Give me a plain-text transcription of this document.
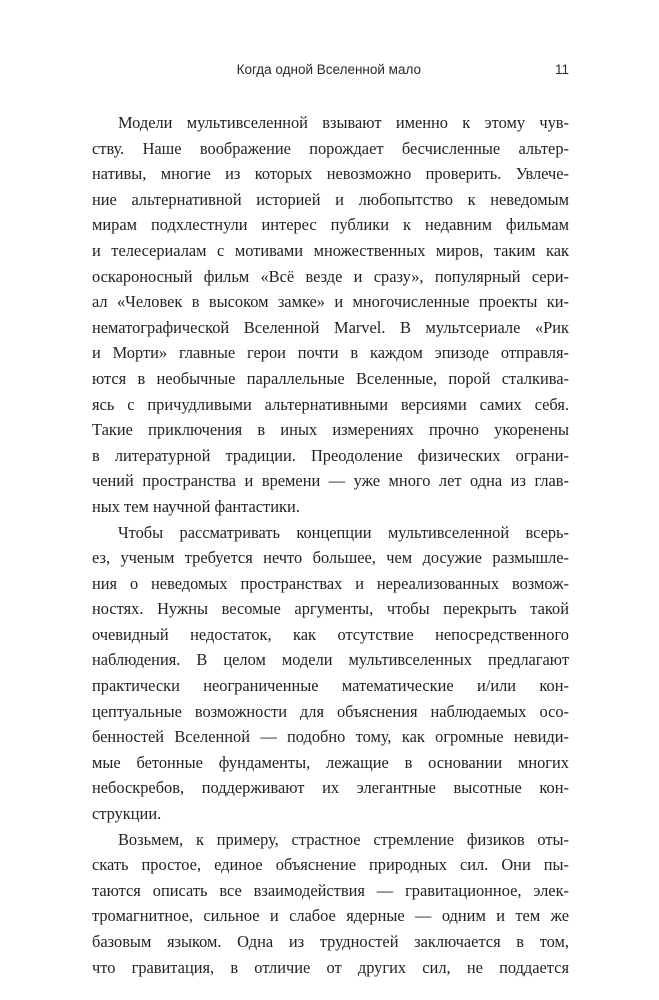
Когда одной Вселенной мало	11
Модели мультивселенной взывают именно к этому чув-
ству. Наше воображение порождает бесчисленные альтер-
нативы, многие из которых невозможно проверить. Увлече-
ние альтернативной историей и любопытство к неведомым
мирам подхлестнули интерес публики к недавним фильмам
и телесериалам с мотивами множественных миров, таким как
оскароносный фильм «Всё везде и сразу», популярный сери-
ал «Человек в высоком замке» и многочисленные проекты ки-
нематографической Вселенной Marvel. В мультсериале «Рик
и Морти» главные герои почти в каждом эпизоде отправля-
ются в необычные параллельные Вселенные, порой сталкива-
ясь с причудливыми альтернативными версиями самих себя.
Такие приключения в иных измерениях прочно укоренены
в литературной традиции. Преодоление физических ограни-
чений пространства и времени — уже много лет одна из глав-
ных тем научной фантастики.
Чтобы рассматривать концепции мультивселенной всерь-
ез, ученым требуется нечто большее, чем досужие размышле-
ния о неведомых пространствах и нереализованных возмож-
ностях. Нужны весомые аргументы, чтобы перекрыть такой
очевидный недостаток, как отсутствие непосредственного
наблюдения. В целом модели мультивселенных предлагают
практически неограниченные математические и/или кон-
цептуальные возможности для объяснения наблюдаемых осо-
бенностей Вселенной — подобно тому, как огромные невиди-
мые бетонные фундаменты, лежащие в основании многих
небоскребов, поддерживают их элегантные высотные кон-
струкции.
Возьмем, к примеру, страстное стремление физиков оты-
скать простое, единое объяснение природных сил. Они пы-
таются описать все взаимодействия — гравитационное, элек-
тромагнитное, сильное и слабое ядерные — одним и тем же
базовым языком. Одна из трудностей заключается в том,
что гравитация, в отличие от других сил, не поддается
